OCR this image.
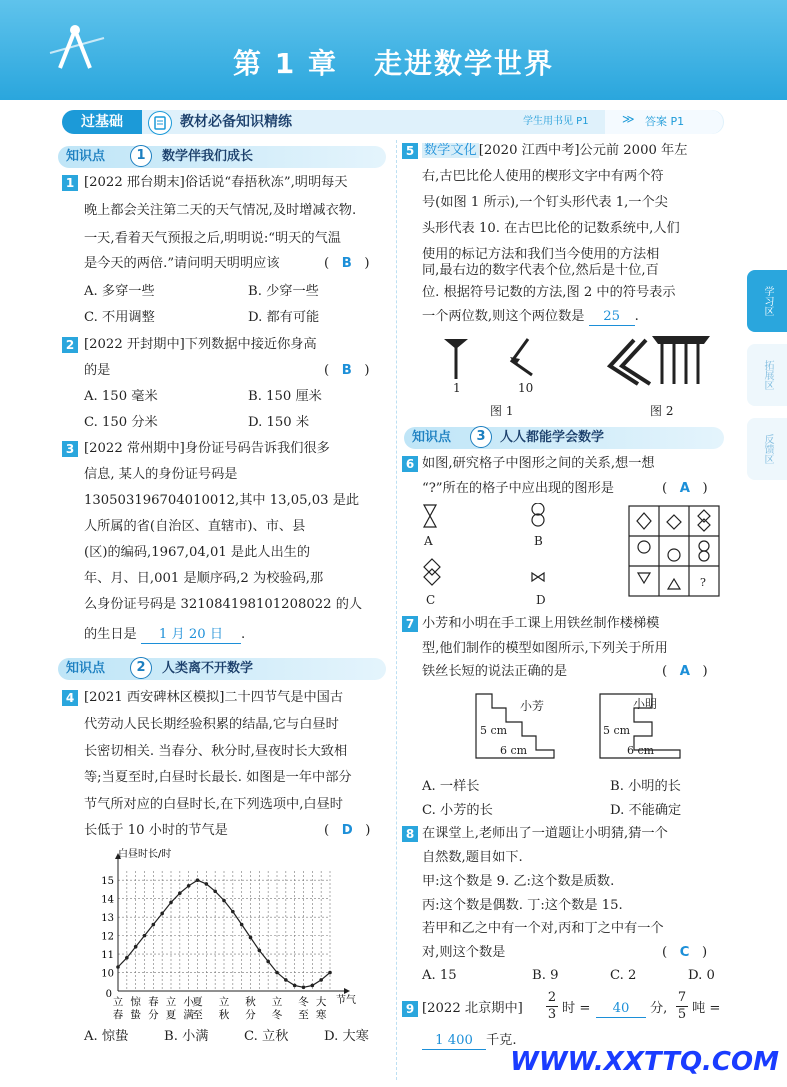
第 1 章 走进数学世界
过基础	教材必备知识精练	学生用书见 P1	≫ 答案 P1
知识点	1	数学伴我们成长
1 [2022 邢台期末]俗话说“春捂秋冻”,明明每天
晚上都会关注第二天的天气情况,及时增减衣物.
一天,看着天气预报之后,明明说:“明天的气温
是今天的两倍.”请问明天明明应该	(   B   )
A. 多穿一些	B. 少穿一些
C. 不用调整	D. 都有可能
2 [2022 开封期中]下列数据中接近你身高
的是	(   B   )
A. 150 毫米	B. 150 厘米
C. 150 分米	D. 150 米
3 [2022 常州期中]身份证号码告诉我们很多
信息, 某人的身份证号码是
130503196704010012,其中 13,05,03 是此
人所属的省(自治区、直辖市)、市、县
(区)的编码,1967,04,01 是此人出生的
年、月、日,001 是顺序码,2 为校验码,那
么身份证号码是 321084198101208022 的人
的生日是 1 月 20 日 .
知识点	2	人类离不开数学
4 [2021 西安碑林区模拟]二十四节气是中国古
代劳动人民长期经验积累的结晶,它与白昼时
长密切相关. 当春分、秋分时,昼夜时长大致相
等;当夏至时,白昼时长最长. 如图是一年中部分
节气所对应的白昼时长,在下列选项中,白昼时
长低于 10 小时的节气是	(   D   )
10
11
12
13
14
15
0
白昼时长/时
节气
立
春
惊
蛰
春
分
立
夏
小
满
夏
至
立
秋
秋
分
立
冬
冬
至
大
寒
A. 惊蛰	B. 小满	C. 立秋	D. 大寒
5 数学文化 [2020 江西中考]公元前 2000 年左
右,古巴比伦人使用的楔形文字中有两个符
号(如图 1 所示),一个钉头形代表 1,一个尖
头形代表 10. 在古巴比伦的记数系统中,人们
使用的标记方法和我们当今使用的方法相
同,最右边的数字代表个位,然后是十位,百
位. 根据符号记数的方法,图 2 中的符号表示
一个两位数,则这个两位数是 25 .
1	10
图 1	图 2
知识点	3	人人都能学会数学
6 如图,研究格子中图形之间的关系,想一想
“?”所在的格子中应出现的图形是	(   A   )
A	B
C	D
?
7 小芳和小明在手工课上用铁丝制作楼梯模
型,他们制作的模型如图所示,下列关于所用
铁丝长短的说法正确的是	(   A   )
小芳	小明
5 cm
6 cm
5 cm
6 cm
A. 一样长	B. 小明的长
C. 小芳的长	D. 不能确定
8 在课堂上,老师出了一道题让小明猜,猜一个
自然数,题目如下.
甲:这个数是 9. 乙:这个数是质数.
丙:这个数是偶数. 丁:这个数是 15.
若甲和乙之中有一个对,丙和丁之中有一个
对,则这个数是	(   C   )
A. 15	B. 9	C. 2	D. 0
9 [2022 北京期中] $\frac{2}{3}$ 时 =	40	分, $\frac{7}{5}$ 吨 =
1 400 千克.
学习区
拓展区
反馈区
WWW.XXTTQ.COM
